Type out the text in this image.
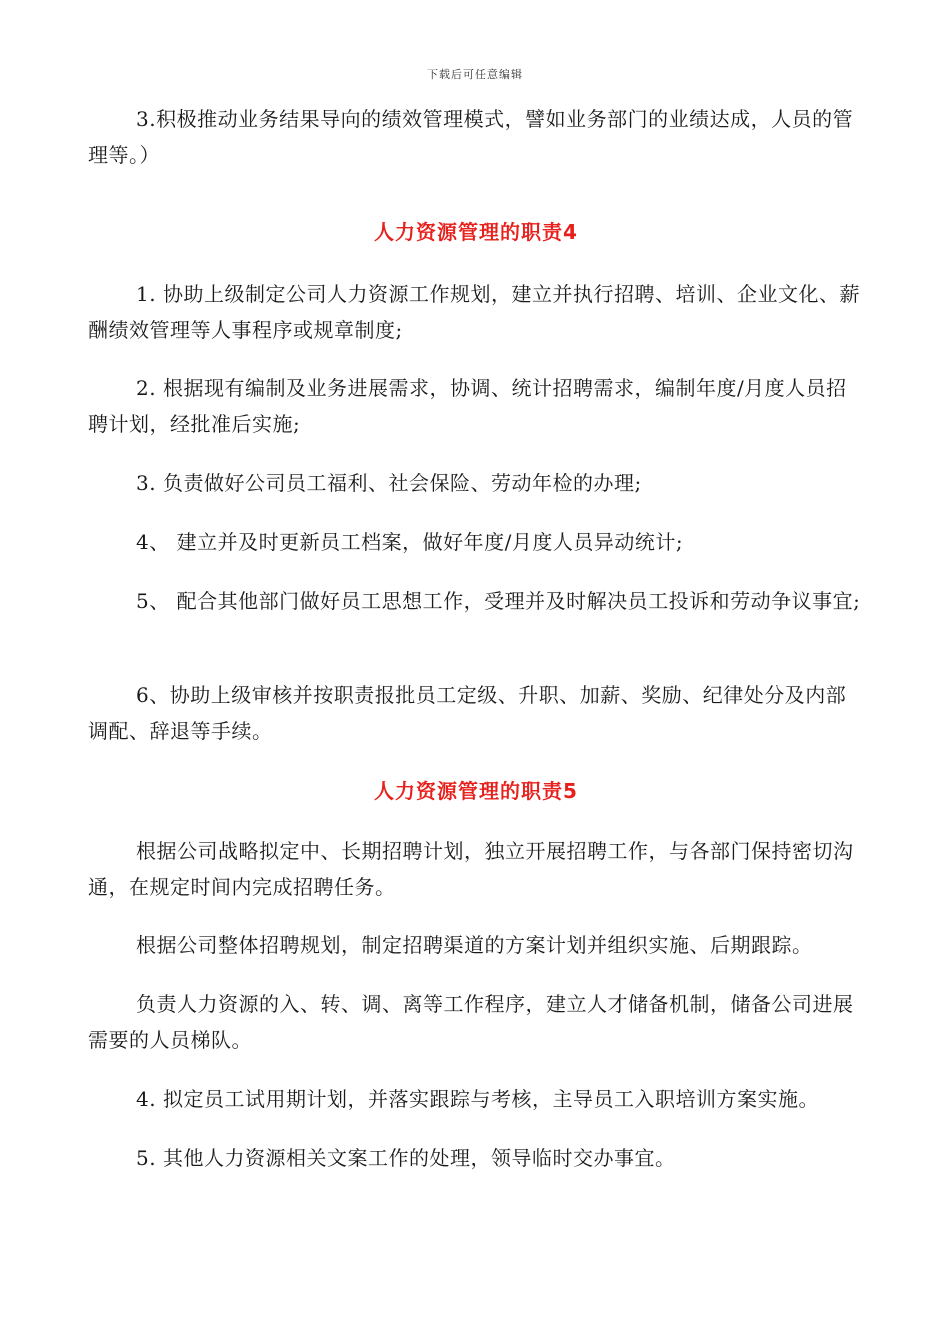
下载后可任意编辑

3.积极推动业务结果导向的绩效管理模式，譬如业务部门的业绩达成，人员的管理等。）

人力资源管理的职责4

1. 协助上级制定公司人力资源工作规划，建立并执行招聘、培训、企业文化、薪酬绩效管理等人事程序或规章制度;

2. 根据现有编制及业务进展需求，协调、统计招聘需求，编制年度/月度人员招聘计划，经批准后实施;

3. 负责做好公司员工福利、社会保险、劳动年检的办理;

4、 建立并及时更新员工档案，做好年度/月度人员异动统计;

5、 配合其他部门做好员工思想工作，受理并及时解决员工投诉和劳动争议事宜;

6、协助上级审核并按职责报批员工定级、升职、加薪、奖励、纪律处分及内部调配、辞退等手续。

人力资源管理的职责5

根据公司战略拟定中、长期招聘计划，独立开展招聘工作，与各部门保持密切沟通，在规定时间内完成招聘任务。

根据公司整体招聘规划，制定招聘渠道的方案计划并组织实施、后期跟踪。

负责人力资源的入、转、调、离等工作程序，建立人才储备机制，储备公司进展需要的人员梯队。

4. 拟定员工试用期计划，并落实跟踪与考核，主导员工入职培训方案实施。

5. 其他人力资源相关文案工作的处理，领导临时交办事宜。
